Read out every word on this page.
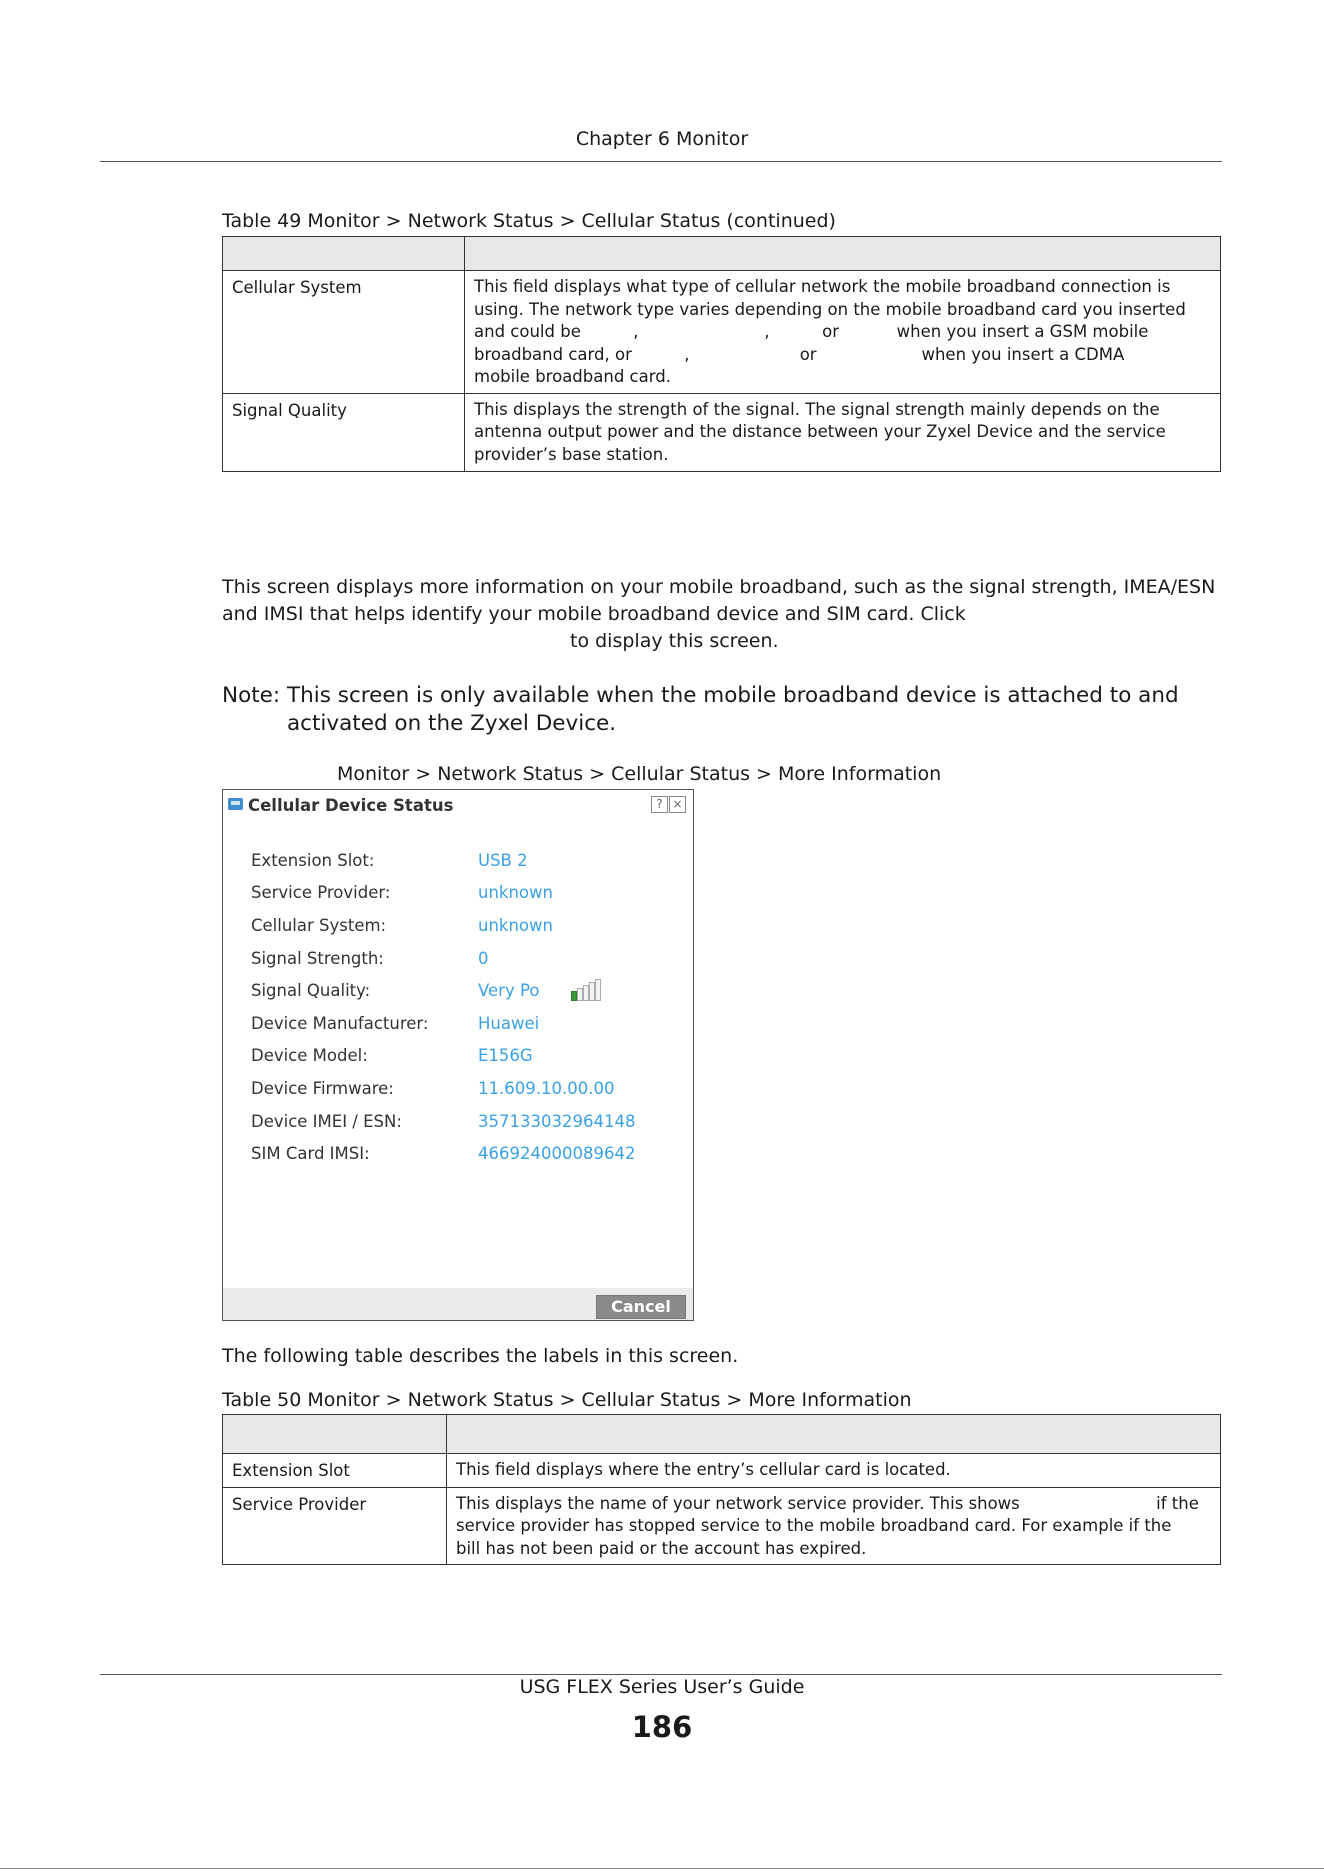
Chapter 6 Monitor
Table 49 Monitor > Network Status > Cellular Status (continued)

Cellular System	This field displays what type of cellular network the mobile broadband connection is
using. The network type varies depending on the mobile broadband card you inserted
and could be          ,                        ,          or           when you insert a GSM mobile
broadband card, or          ,                     or                    when you insert a CDMA
mobile broadband card.

Signal Quality	This displays the strength of the signal. The signal strength mainly depends on the
antenna output power and the distance between your Zyxel Device and the service
provider’s base station.
This screen displays more information on your mobile broadband, such as the signal strength, IMEA/ESN
and IMSI that helps identify your mobile broadband device and SIM card. Click
to display this screen.
Note: This screen is only available when the mobile broadband device is attached to and
activated on the Zyxel Device.
Monitor > Network Status > Cellular Status > More Information
Cellular Device Status	? ×
Extension Slot:	USB 2
Service Provider:	unknown
Cellular System:	unknown
Signal Strength:	0
Signal Quality:	Very Po
Device Manufacturer:	Huawei
Device Model:	E156G
Device Firmware:	11.609.10.00.00
Device IMEI / ESN:	357133032964148
SIM Card IMSI:	466924000089642
Cancel
The following table describes the labels in this screen.
Table 50 Monitor > Network Status > Cellular Status > More Information

Extension Slot	This field displays where the entry’s cellular card is located.

Service Provider	This displays the name of your network service provider. This shows                          if the
service provider has stopped service to the mobile broadband card. For example if the
bill has not been paid or the account has expired.
USG FLEX Series User’s Guide
186
